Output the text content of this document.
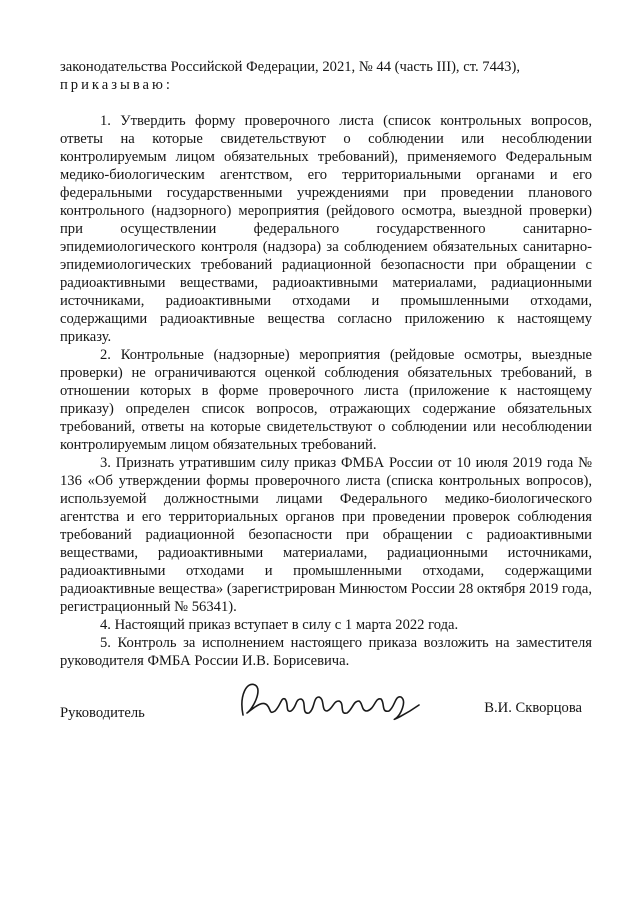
законодательства Российской Федерации, 2021, № 44 (часть III), ст. 7443),

приказываю:

1. Утвердить форму проверочного листа (список контрольных вопросов, ответы на которые свидетельствуют о соблюдении или несоблюдении контролируемым лицом обязательных требований), применяемого Федеральным медико-биологическим агентством, его территориальными органами и его федеральными государственными учреждениями при проведении планового контрольного (надзорного) мероприятия (рейдового осмотра, выездной проверки) при осуществлении федерального государственного санитарно-эпидемиологического контроля (надзора) за соблюдением обязательных санитарно-эпидемиологических требований радиационной безопасности при обращении с радиоактивными веществами, радиоактивными материалами, радиационными источниками, радиоактивными отходами и промышленными отходами, содержащими радиоактивные вещества согласно приложению к настоящему приказу.

2. Контрольные (надзорные) мероприятия (рейдовые осмотры, выездные проверки) не ограничиваются оценкой соблюдения обязательных требований, в отношении которых в форме проверочного листа (приложение к настоящему приказу) определен список вопросов, отражающих содержание обязательных требований, ответы на которые свидетельствуют о соблюдении или несоблюдении контролируемым лицом обязательных требований.

3. Признать утратившим силу приказ ФМБА России от 10 июля 2019 года № 136 «Об утверждении формы проверочного листа (списка контрольных вопросов), используемой должностными лицами Федерального медико-биологического агентства и его территориальных органов при проведении проверок соблюдения требований радиационной безопасности при обращении с радиоактивными веществами, радиоактивными материалами, радиационными источниками, радиоактивными отходами и промышленными отходами, содержащими радиоактивные вещества» (зарегистрирован Минюстом России 28 октября 2019 года, регистрационный № 56341).

4. Настоящий приказ вступает в силу с 1 марта 2022 года.

5. Контроль за исполнением настоящего приказа возложить на заместителя руководителя ФМБА России И.В. Борисевича.

Руководитель	В.И. Скворцова
